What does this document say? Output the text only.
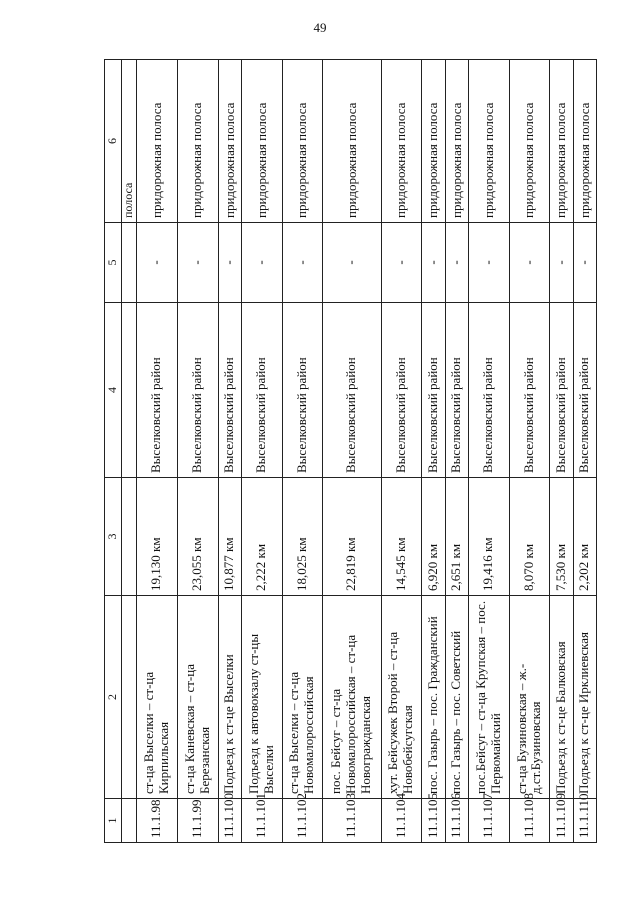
49
1	2	3	4	5	6
					полоса
11.1.98	ст-ца Выселки – ст-ца Кирпильская	19,130 км	Выселковский район	-	придорожная полоса
11.1.99	ст-ца Каневская – ст-ца Березанская	23,055 км	Выселковский район	-	придорожная полоса
11.1.100	Подъезд к ст-це Выселки	10,877 км	Выселковский район	-	придорожная полоса
11.1.101	Подъезд к автовокзалу ст-цы Выселки	2,222 км	Выселковский район	-	придорожная полоса
11.1.102	ст-ца Выселки – ст-ца Новомалороссийская	18,025 км	Выселковский район	-	придорожная полоса
11.1.103	пос. Бейсуг – ст-ца Новомалороссийская – ст-ца Новогражданская	22,819 км	Выселковский район	-	придорожная полоса
11.1.104	хут. Бейсужек Второй – ст-ца Новобейсугская	14,545 км	Выселковский район	-	придорожная полоса
11.1.105	пос. Газырь – пос. Гражданский	6,920 км	Выселковский район	-	придорожная полоса
11.1.106	пос. Газырь – пос. Советский	2,651 км	Выселковский район	-	придорожная полоса
11.1.107	пос.Бейсуг – ст-ца Крупская – пос. Первомайский	19,416 км	Выселковский район	-	придорожная полоса
11.1.108	ст-ца Бузиновская – ж.-д.ст.Бузиновская	8,070 км	Выселковский район	-	придорожная полоса
11.1.109	Подъезд к ст-це Балковская	7,530 км	Выселковский район	-	придорожная полоса
11.1.110	Подъезд к ст-це Ирклиевская	2,202 км	Выселковский район	-	придорожная полоса
